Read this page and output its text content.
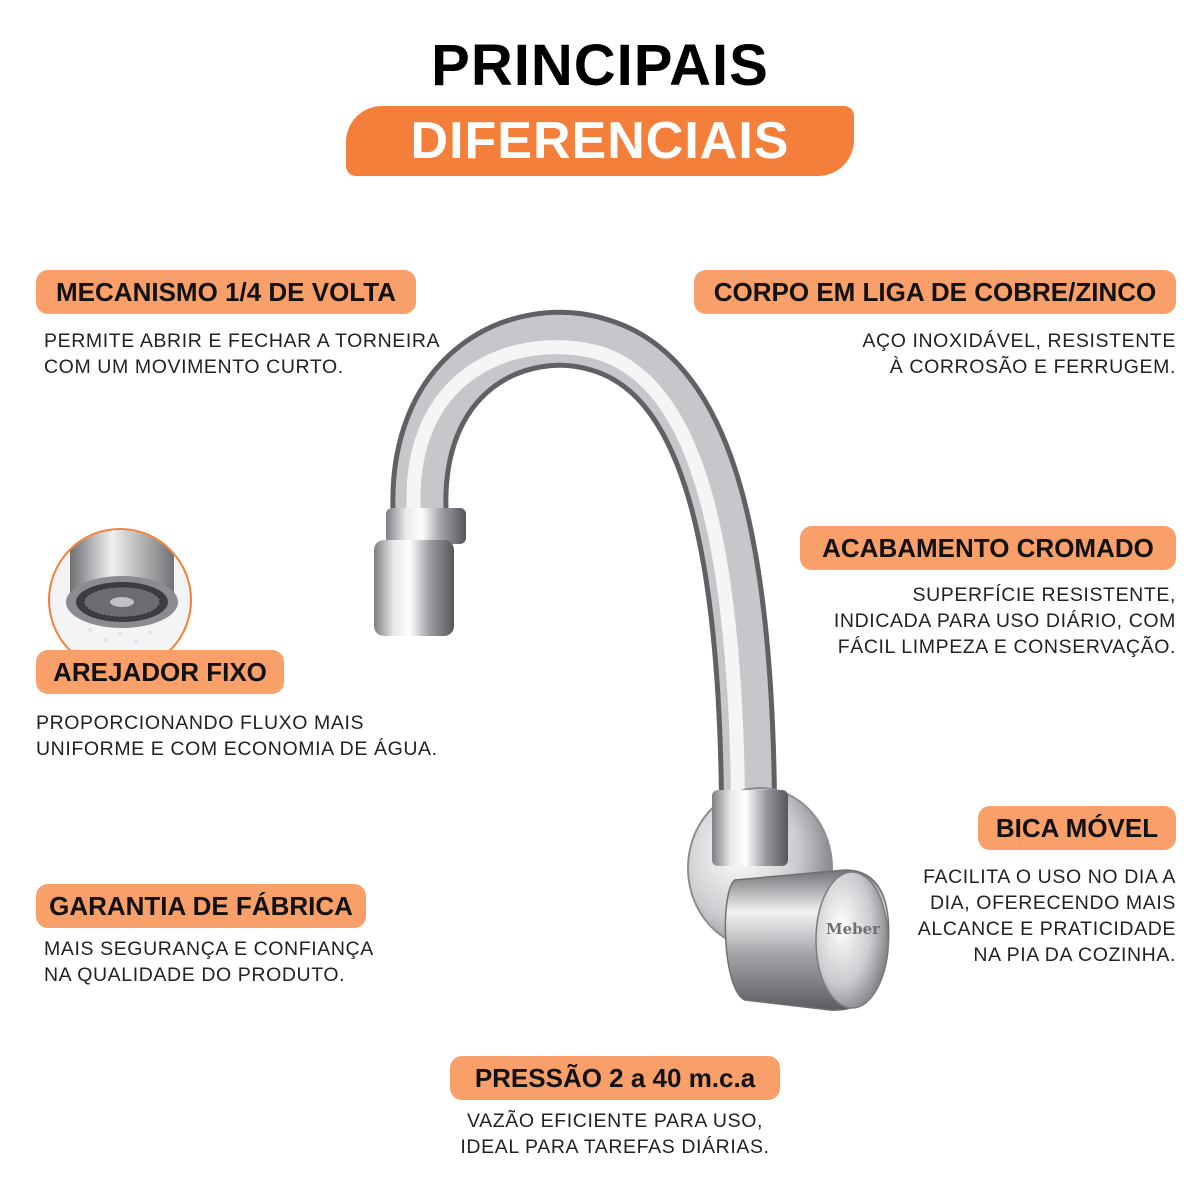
PRINCIPAIS
DIFERENCIAIS
Meber
MECANISMO 1/4 DE VOLTA
PERMITE ABRIR E FECHAR A TORNEIRA
COM UM MOVIMENTO CURTO.
CORPO EM LIGA DE COBRE/ZINCO
AÇO INOXIDÁVEL, RESISTENTE
À CORROSÃO E FERRUGEM.
ACABAMENTO CROMADO
SUPERFÍCIE RESISTENTE,
INDICADA PARA USO DIÁRIO, COM
FÁCIL LIMPEZA E CONSERVAÇÃO.
AREJADOR FIXO
PROPORCIONANDO FLUXO MAIS
UNIFORME E COM ECONOMIA DE ÁGUA.
BICA MÓVEL
FACILITA O USO NO DIA A
DIA, OFERECENDO MAIS
ALCANCE E PRATICIDADE
NA PIA DA COZINHA.
GARANTIA DE FÁBRICA
MAIS SEGURANÇA E CONFIANÇA
NA QUALIDADE DO PRODUTO.
PRESSÃO 2 a 40 m.c.a
VAZÃO EFICIENTE PARA USO,
IDEAL PARA TAREFAS DIÁRIAS.
